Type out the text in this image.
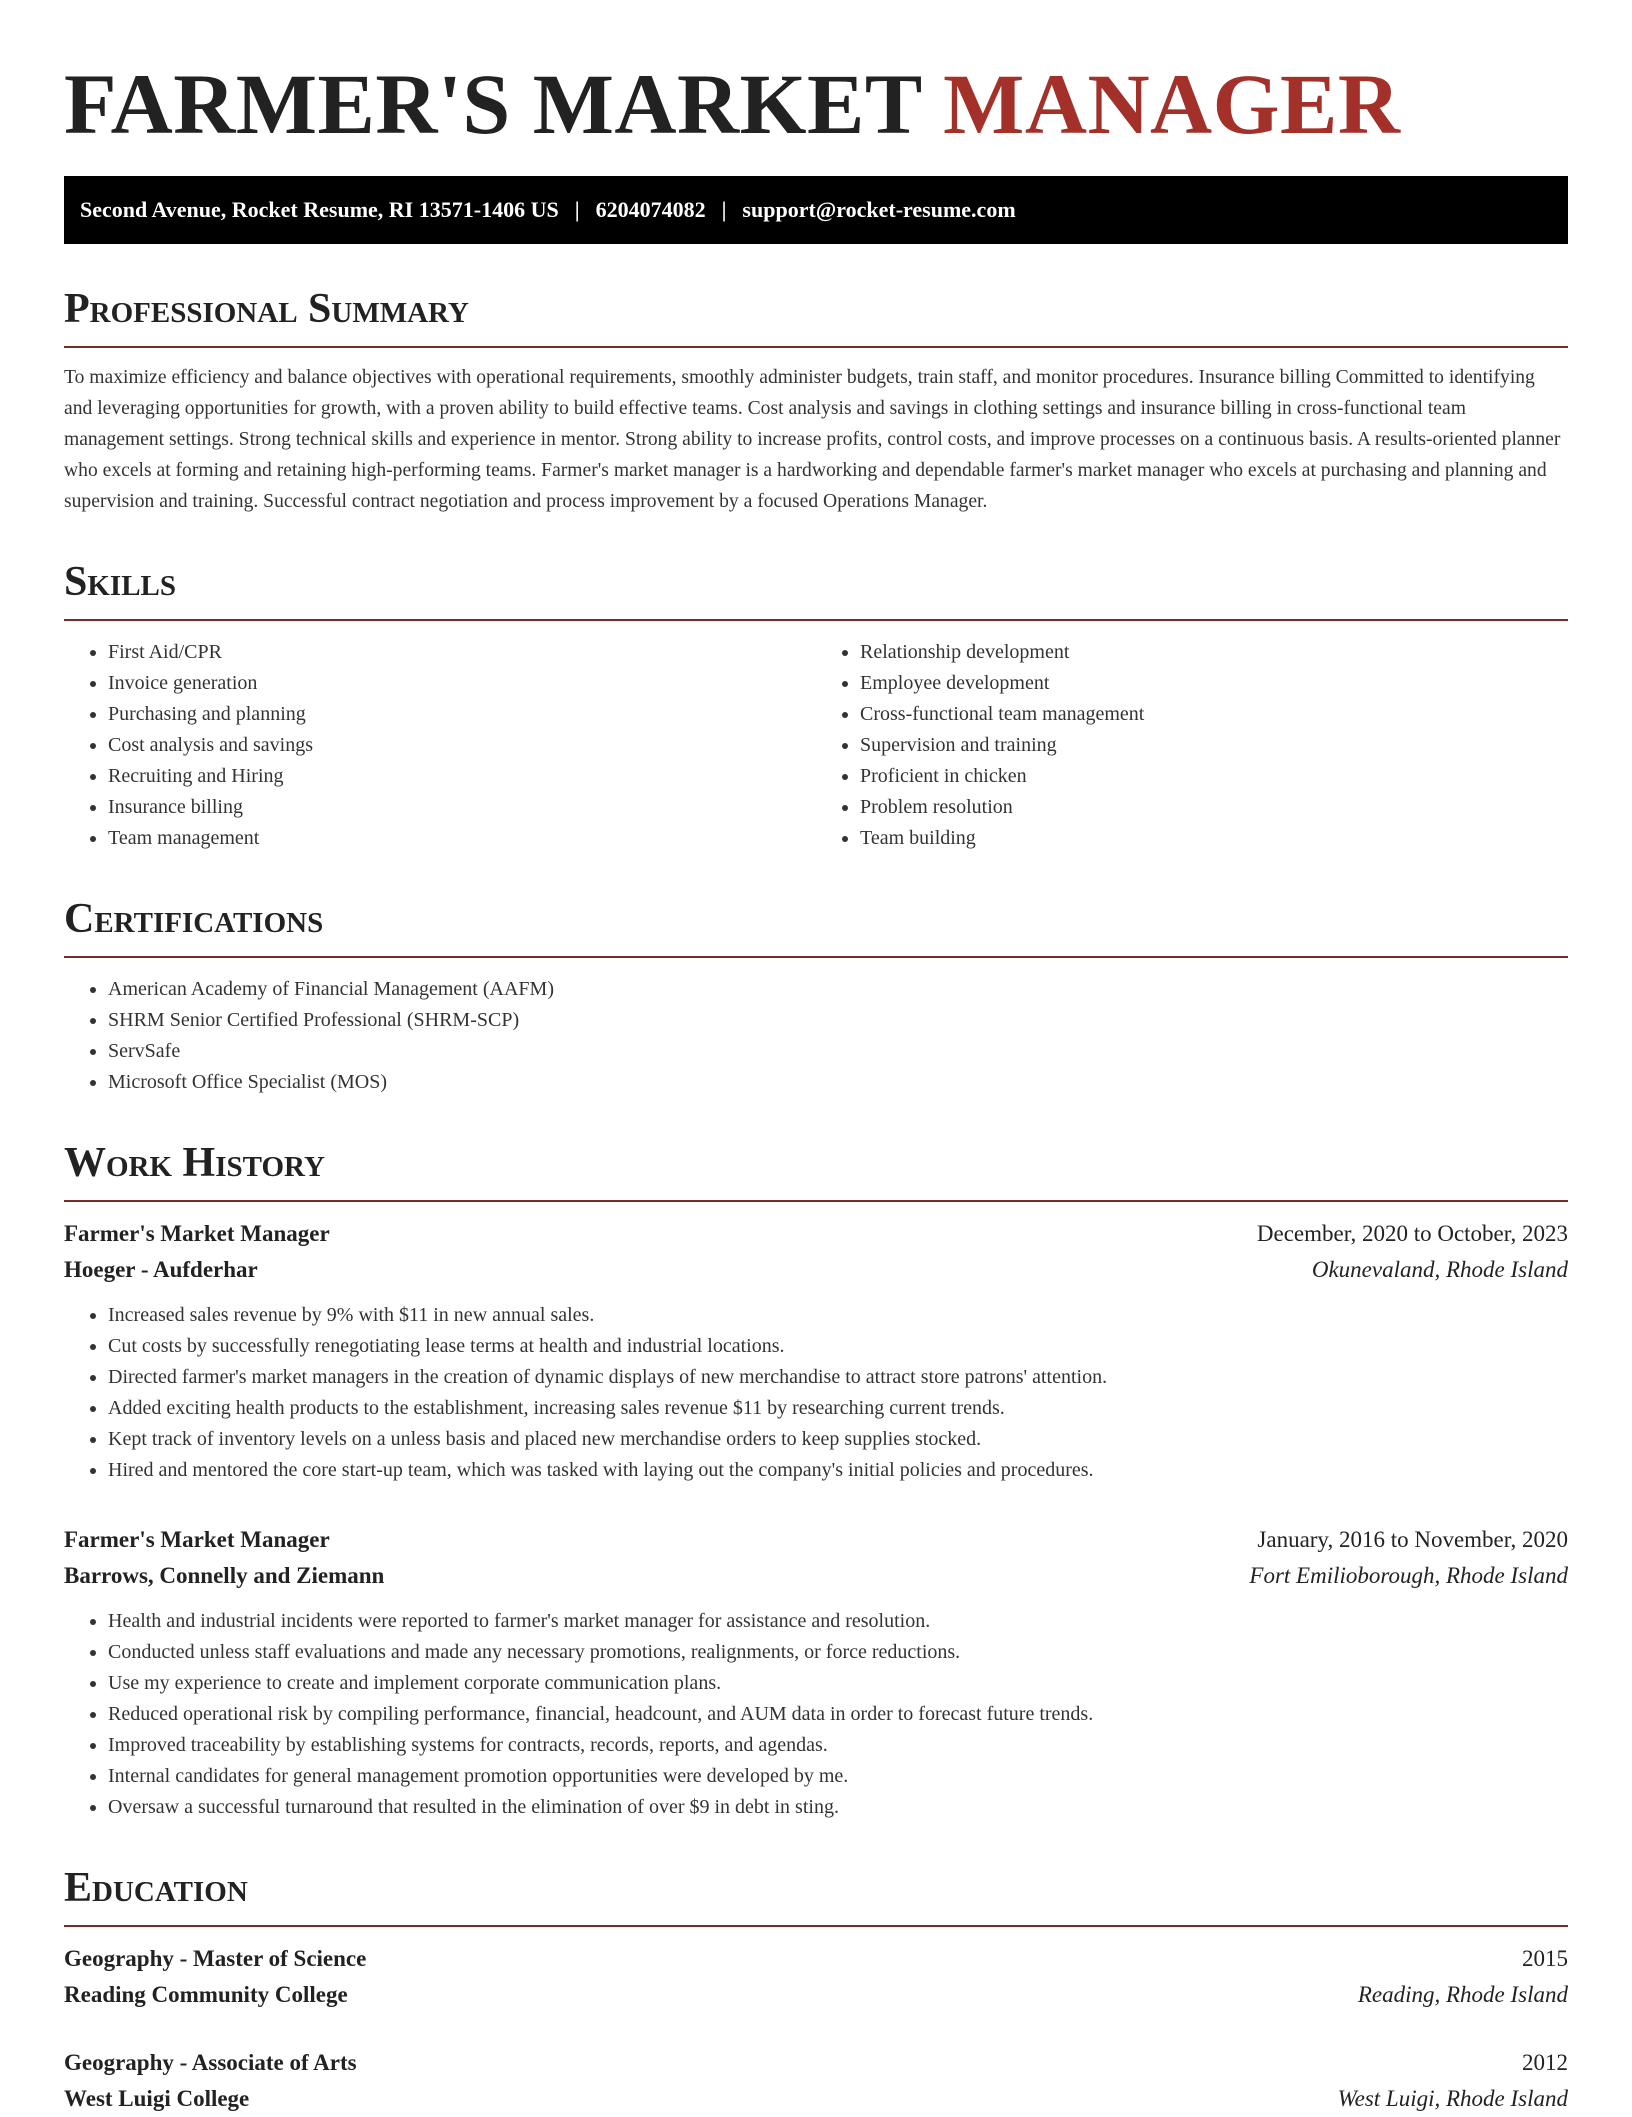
FARMER'S MARKET MANAGER
Second Avenue, Rocket Resume, RI 13571-1406 US | 6204074082 | support@rocket-resume.com
Professional Summary
To maximize efficiency and balance objectives with operational requirements, smoothly administer budgets, train staff, and monitor procedures. Insurance billing Committed to identifying and leveraging opportunities for growth, with a proven ability to build effective teams. Cost analysis and savings in clothing settings and insurance billing in cross-functional team management settings. Strong technical skills and experience in mentor. Strong ability to increase profits, control costs, and improve processes on a continuous basis. A results-oriented planner who excels at forming and retaining high-performing teams. Farmer's market manager is a hardworking and dependable farmer's market manager who excels at purchasing and planning and supervision and training. Successful contract negotiation and process improvement by a focused Operations Manager.
Skills
• First Aid/CPR
• Invoice generation
• Purchasing and planning
• Cost analysis and savings
• Recruiting and Hiring
• Insurance billing
• Team management
• Relationship development
• Employee development
• Cross-functional team management
• Supervision and training
• Proficient in chicken
• Problem resolution
• Team building
Certifications
• American Academy of Financial Management (AAFM)
• SHRM Senior Certified Professional (SHRM-SCP)
• ServSafe
• Microsoft Office Specialist (MOS)
Work History
Farmer's Market Manager	December, 2020 to October, 2023
Hoeger - Aufderhar	Okunevaland, Rhode Island
• Increased sales revenue by 9% with $11 in new annual sales.
• Cut costs by successfully renegotiating lease terms at health and industrial locations.
• Directed farmer's market managers in the creation of dynamic displays of new merchandise to attract store patrons' attention.
• Added exciting health products to the establishment, increasing sales revenue $11 by researching current trends.
• Kept track of inventory levels on a unless basis and placed new merchandise orders to keep supplies stocked.
• Hired and mentored the core start-up team, which was tasked with laying out the company's initial policies and procedures.
Farmer's Market Manager	January, 2016 to November, 2020
Barrows, Connelly and Ziemann	Fort Emilioborough, Rhode Island
• Health and industrial incidents were reported to farmer's market manager for assistance and resolution.
• Conducted unless staff evaluations and made any necessary promotions, realignments, or force reductions.
• Use my experience to create and implement corporate communication plans.
• Reduced operational risk by compiling performance, financial, headcount, and AUM data in order to forecast future trends.
• Improved traceability by establishing systems for contracts, records, reports, and agendas.
• Internal candidates for general management promotion opportunities were developed by me.
• Oversaw a successful turnaround that resulted in the elimination of over $9 in debt in sting.
Education
Geography - Master of Science	2015
Reading Community College	Reading, Rhode Island
Geography - Associate of Arts	2012
West Luigi College	West Luigi, Rhode Island
